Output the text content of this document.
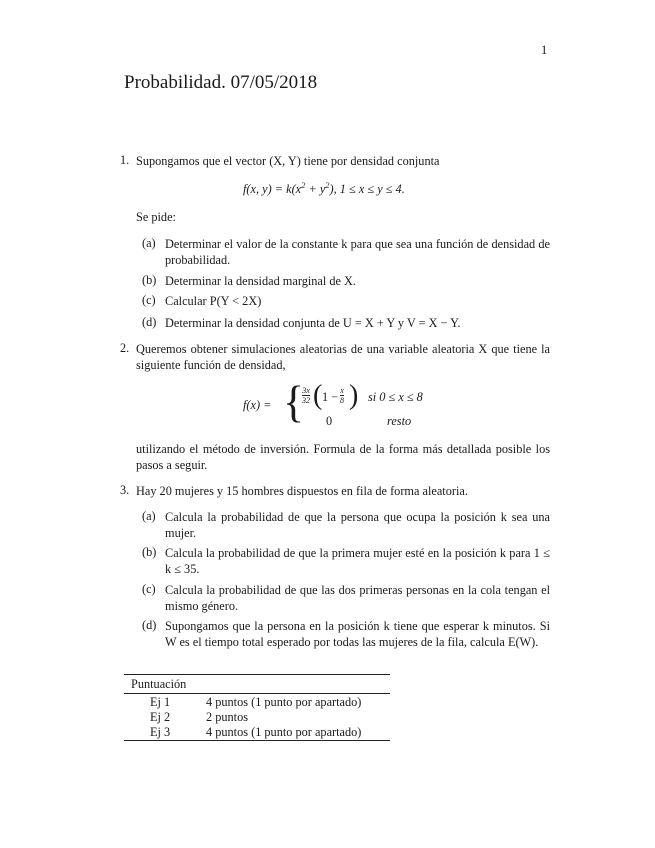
1
Probabilidad. 07/05/2018
1. Supongamos que el vector (X, Y) tiene por densidad conjunta
f(x, $y) = k(x^2 + y^2)$, 1 ≤ x ≤ y ≤ 4.
Se pide:
(a) Determinar el valor de la constante k para que sea una función de densidad de probabilidad.
(b) Determinar la densidad marginal de X.
(c) Calcular P(Y < 2X)
(d) Determinar la densidad conjunta de U = X + Y y V = X − Y.
2. Queremos obtener simulaciones aleatorias de una variable aleatoria X que tiene la siguiente función de densidad,
f(x) = {
$\frac{3x}{32}$ ( $1 - \frac{x}{8}$ ) si 0 ≤ x ≤ 8
0	resto
utilizando el método de inversión. Formula de la forma más detallada posible los pasos a seguir.
3. Hay 20 mujeres y 15 hombres dispuestos en fila de forma aleatoria.
(a) Calcula la probabilidad de que la persona que ocupa la posición k sea una mujer.
(b) Calcula la probabilidad de que la primera mujer esté en la posición k para 1 ≤ k ≤ 35.
(c) Calcula la probabilidad de que las dos primeras personas en la cola tengan el mismo género.
(d) Supongamos que la persona en la posición k tiene que esperar k minutos. Si W es el tiempo total esperado por todas las mujeres de la fila, calcula E(W).
Puntuación
Ej 1	4 puntos (1 punto por apartado)
Ej 2	2 puntos
Ej 3	4 puntos (1 punto por apartado)
